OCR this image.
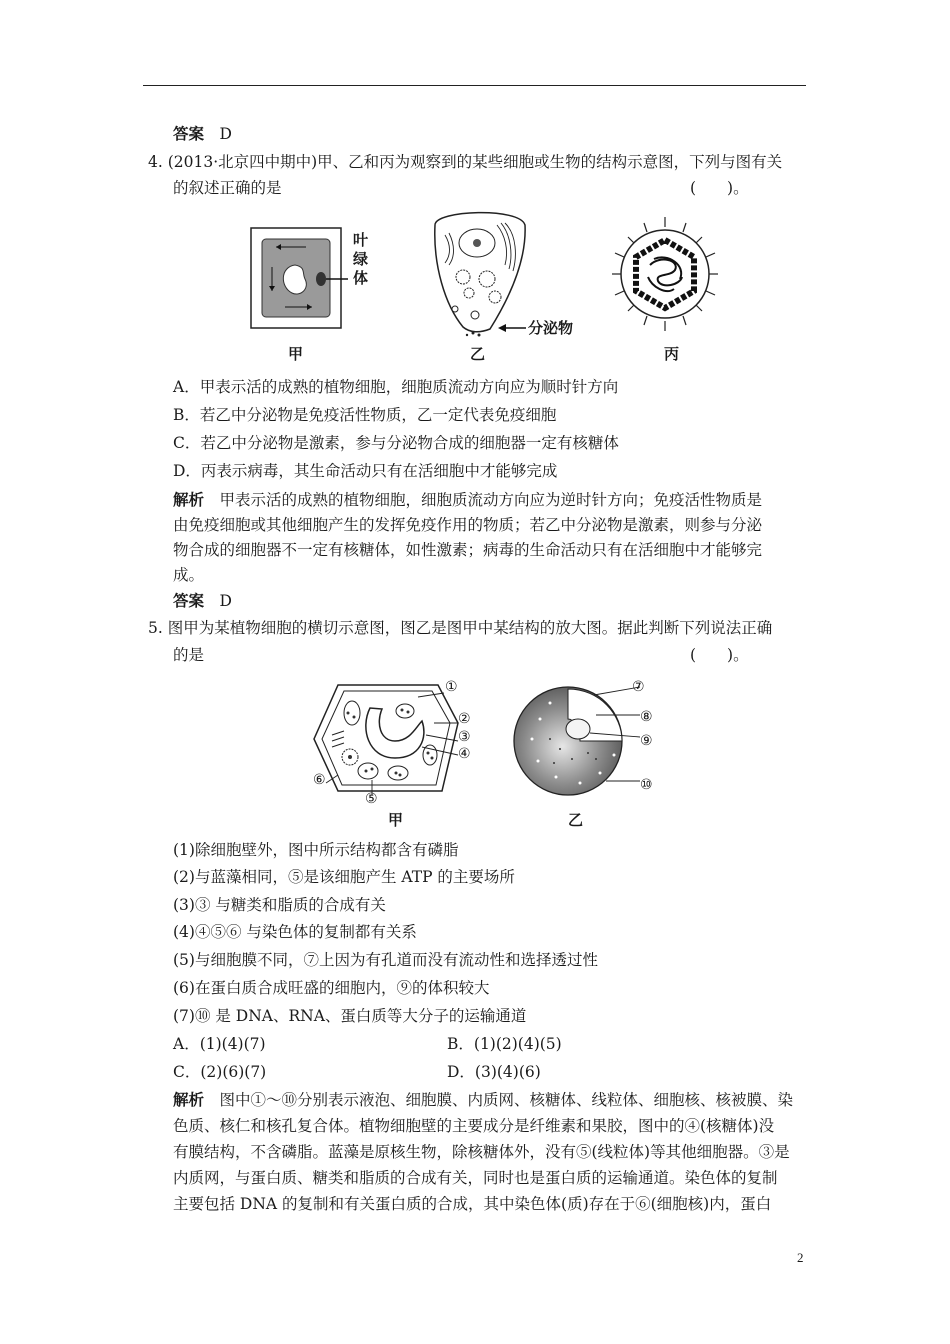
答案　D
4. (2013·北京四中期中)甲、乙和丙为观察到的某些细胞或生物的结构示意图，下列与图有关
的叙述正确的是	(　　)。
叶
绿
体
甲
分泌物
乙	丙
A．甲表示活的成熟的植物细胞，细胞质流动方向应为顺时针方向
B．若乙中分泌物是免疫活性物质，乙一定代表免疫细胞
C．若乙中分泌物是激素，参与分泌物合成的细胞器一定有核糖体
D．丙表示病毒，其生命活动只有在活细胞中才能够完成
解析　甲表示活的成熟的植物细胞，细胞质流动方向应为逆时针方向；免疫活性物质是
由免疫细胞或其他细胞产生的发挥免疫作用的物质；若乙中分泌物是激素，则参与分泌
物合成的细胞器不一定有核糖体，如性激素；病毒的生命活动只有在活细胞中才能够完
成。
答案　D
5. 图甲为某植物细胞的横切示意图，图乙是图甲中某结构的放大图。据此判断下列说法正确
的是	(　　)。
①
②
③
④
⑤
⑥
甲
⑦
⑧
⑨
⑩
乙
(1)除细胞壁外，图中所示结构都含有磷脂
(2)与蓝藻相同，⑤是该细胞产生 ATP 的主要场所
(3)③ 与糖类和脂质的合成有关
(4)④⑤⑥ 与染色体的复制都有关系
(5)与细胞膜不同，⑦上因为有孔道而没有流动性和选择透过性
(6)在蛋白质合成旺盛的细胞内，⑨的体积较大
(7)⑩ 是 DNA、RNA、蛋白质等大分子的运输通道
A．(1)(4)(7)	B．(1)(2)(4)(5)
C．(2)(6)(7)	D．(3)(4)(6)
解析　图中①～⑩分别表示液泡、细胞膜、内质网、核糖体、线粒体、细胞核、核被膜、染
色质、核仁和核孔复合体。植物细胞壁的主要成分是纤维素和果胶，图中的④(核糖体)没
有膜结构，不含磷脂。蓝藻是原核生物，除核糖体外，没有⑤(线粒体)等其他细胞器。③是
内质网，与蛋白质、糖类和脂质的合成有关，同时也是蛋白质的运输通道。染色体的复制
主要包括 DNA 的复制和有关蛋白质的合成，其中染色体(质)存在于⑥(细胞核)内，蛋白
2
